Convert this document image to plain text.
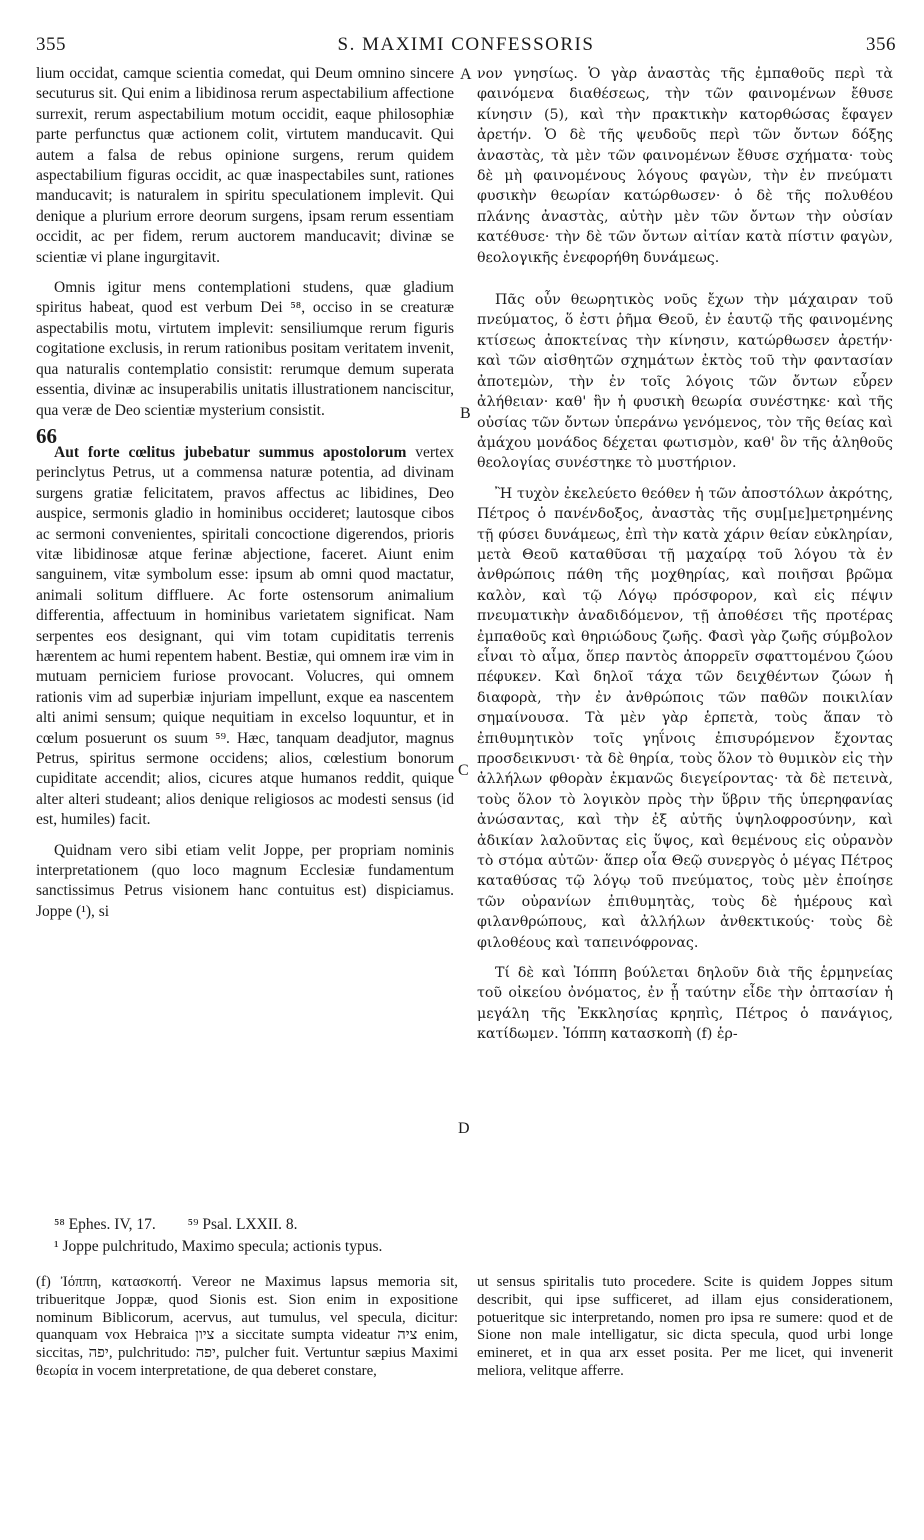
355	S. MAXIMI CONFESSORIS	356

lium occidat, camque scientia comedat, qui Deum omnino sincere secuturus sit. Qui enim a libidinosa rerum aspectabilium affectione surrexit, rerum aspectabilium motum occidit, eaque philosophiæ parte perfunctus quæ actionem colit, virtutem manducavit. Qui autem a falsa de rebus opinione surgens, rerum quidem aspectabilium figuras occidit, ac quæ inaspectabiles sunt, rationes manducavit; is naturalem in spiritu speculationem implevit. Qui denique a plurium errore deorum surgens, ipsam rerum essentiam occidit, ac per fidem, rerum auctorem manducavit; divinæ se scientiæ vi plane ingurgitavit.

Omnis igitur mens contemplationi studens, quæ gladium spiritus habeat, quod est verbum Dei ⁵⁸, occiso in se creaturæ aspectabilis motu, virtutem implevit: sensiliumque rerum figuris cogitatione exclusis, in rerum rationibus positam veritatem invenit, qua naturalis contemplatio consistit: rerumque demum superata essentia, divinæ ac insuperabilis unitatis illustrationem nanciscitur, qua veræ de Deo scientiæ mysterium consistit.

Aut forte cœlitus jubebatur summus apostolorum vertex perinclytus Petrus, ut a commensa naturæ potentia, ad divinam surgens gratiæ felicitatem, pravos affectus ac libidines, Deo auspice, sermonis gladio in hominibus occideret; lautosque cibos ac sermoni convenientes, spiritali concoctione digerendos, prioris vitæ libidinosæ atque ferinæ abjectione, faceret. Aiunt enim sanguinem, vitæ symbolum esse: ipsum ab omni quod mactatur, animali solitum diffluere. Ac forte ostensorum animalium differentia, affectuum in hominibus varietatem significat. Nam serpentes eos designant, qui vim totam cupiditatis terrenis hærentem ac humi repentem habent. Bestiæ, qui omnem iræ vim in mutuam perniciem furiose provocant. Volucres, qui omnem rationis vim ad superbiæ injuriam impellunt, exque ea nascentem alti animi sensum; quique nequitiam in excelso loquuntur, et in cœlum posuerunt os suum ⁵⁹. Hæc, tanquam deadjutor, magnus Petrus, spiritus sermone occidens; alios, cœlestium bonorum cupiditate accendit; alios, cicures atque humanos reddit, quique alter alteri studeant; alios denique religiosos ac modesti sensus (id est, humiles) facit.

Quidnam vero sibi etiam velit Joppe, per propriam nominis interpretationem (quo loco magnum Ecclesiæ fundamentum sanctissimus Petrus visionem hanc contuitus est) dispiciamus. Joppe (¹), si

A
B
C
D
66

νον γνησίως. Ὁ γὰρ ἀναστὰς τῆς ἐμπαθοῦς περὶ τὰ φαινόμενα διαθέσεως, τὴν τῶν φαινομένων ἔθυσε κίνησιν (5), καὶ τὴν πρακτικὴν κατορθώσας ἔφαγεν ἀρετήν. Ὁ δὲ τῆς ψευδοῦς περὶ τῶν ὄντων δόξης ἀναστὰς, τὰ μὲν τῶν φαινομένων ἔθυσε σχήματα· τοὺς δὲ μὴ φαινομένους λόγους φαγὼν, τὴν ἐν πνεύματι φυσικὴν θεωρίαν κατώρθωσεν· ὁ δὲ τῆς πολυθέου πλάνης ἀναστὰς, αὐτὴν μὲν τῶν ὄντων τὴν οὐσίαν κατέθυσε· τὴν δὲ τῶν ὄντων αἰτίαν κατὰ πίστιν φαγὼν, θεολογικῆς ἐνεφορήθη δυνάμεως.

Πᾶς οὖν θεωρητικὸς νοῦς ἔχων τὴν μάχαιραν τοῦ πνεύματος, ὅ ἐστι ῥῆμα Θεοῦ, ἐν ἑαυτῷ τῆς φαινομένης κτίσεως ἀποκτείνας τὴν κίνησιν, κατώρθωσεν ἀρετήν· καὶ τῶν αἰσθητῶν σχημάτων ἐκτὸς τοῦ τὴν φαντασίαν ἀποτεμὼν, τὴν ἐν τοῖς λόγοις τῶν ὄντων εὗρεν ἀλήθειαν· καθ' ἣν ἡ φυσικὴ θεωρία συνέστηκε· καὶ τῆς οὐσίας τῶν ὄντων ὑπεράνω γενόμενος, τὸν τῆς θείας καὶ ἀμάχου μονάδος δέχεται φωτισμὸν, καθ' ὃν τῆς ἀληθοῦς θεολογίας συνέστηκε τὸ μυστήριον.

Ἢ τυχὸν ἐκελεύετο θεόθεν ἡ τῶν ἀποστόλων ἀκρότης, Πέτρος ὁ πανένδοξος, ἀναστὰς τῆς συμ[με]μετρημένης τῇ φύσει δυνάμεως, ἐπὶ τὴν κατὰ χάριν θείαν εὐκληρίαν, μετὰ Θεοῦ καταθῦσαι τῇ μαχαίρᾳ τοῦ λόγου τὰ ἐν ἀνθρώποις πάθη τῆς μοχθηρίας, καὶ ποιῆσαι βρῶμα καλὸν, καὶ τῷ Λόγῳ πρόσφορον, καὶ εἰς πέψιν πνευματικὴν ἀναδιδόμενον, τῇ ἀποθέσει τῆς προτέρας ἐμπαθοῦς καὶ θηριώδους ζωῆς. Φασὶ γὰρ ζωῆς σύμβολον εἶναι τὸ αἷμα, ὅπερ παντὸς ἀπορρεῖν σφαττομένου ζώου πέφυκεν. Καὶ δηλοῖ τάχα τῶν δειχθέντων ζώων ἡ διαφορὰ, τὴν ἐν ἀνθρώποις τῶν παθῶν ποικιλίαν σημαίνουσα. Τὰ μὲν γὰρ ἑρπετὰ, τοὺς ἅπαν τὸ ἐπιθυμητικὸν τοῖς γηΐνοις ἐπισυρόμενον ἔχοντας προσδεικνυσι· τὰ δὲ θηρία, τοὺς ὅλον τὸ θυμικὸν εἰς τὴν ἀλλήλων φθορὰν ἐκμανῶς διεγείροντας· τὰ δὲ πετεινὰ, τοὺς ὅλον τὸ λογικὸν πρὸς τὴν ὕβριν τῆς ὑπερηφανίας ἀνώσαντας, καὶ τὴν ἐξ αὐτῆς ὑψηλοφροσύνην, καὶ ἀδικίαν λαλοῦντας εἰς ὕψος, καὶ θεμένους εἰς οὐρανὸν τὸ στόμα αὐτῶν· ἅπερ οἷα Θεῷ συνεργὸς ὁ μέγας Πέτρος καταθύσας τῷ λόγῳ τοῦ πνεύματος, τοὺς μὲν ἐποίησε τῶν οὐρανίων ἐπιθυμητὰς, τοὺς δὲ ἡμέρους καὶ φιλανθρώπους, καὶ ἀλλήλων ἀνθεκτικούς· τοὺς δὲ φιλοθέους καὶ ταπεινόφρονας.

Τί δὲ καὶ Ἰόππη βούλεται δηλοῦν διὰ τῆς ἑρμηνείας τοῦ οἰκείου ὀνόματος, ἐν ᾗ ταύτην εἶδε τὴν ὀπτασίαν ἡ μεγάλη τῆς Ἐκκλησίας κρηπὶς, Πέτρος ὁ πανάγιος, κατίδωμεν. Ἰόππη κατασκοπὴ (f) ἑρ-

⁵⁸ Ephes. IV, 17. ⁵⁹ Psal. LXXII. 8.
¹ Joppe pulchritudo, Maximo specula; actionis typus.

(f) Ἰόππη, κατασκοπή. Vereor ne Maximus lapsus memoria sit, tribueritque Joppæ, quod Sionis est. Sion enim in expositione nominum Biblicorum, acervus, aut tumulus, vel specula, dicitur: quanquam vox Hebraica ציון a siccitate sumpta videatur ציה enim, siccitas, יפה, pulchritudo: יפה, pulcher fuit. Vertuntur sæpius Maximi θεωρία in vocem interpretatione, de qua deberet constare,

ut sensus spiritalis tuto procedere. Scite is quidem Joppes situm describit, qui ipse sufficeret, ad illam ejus considerationem, potueritque sic interpretando, nomen pro ipsa re sumere: quod et de Sione non male intelligatur, sic dicta specula, quod urbi longe emineret, et in qua arx esset posita. Per me licet, qui invenerit meliora, velitque afferre.
